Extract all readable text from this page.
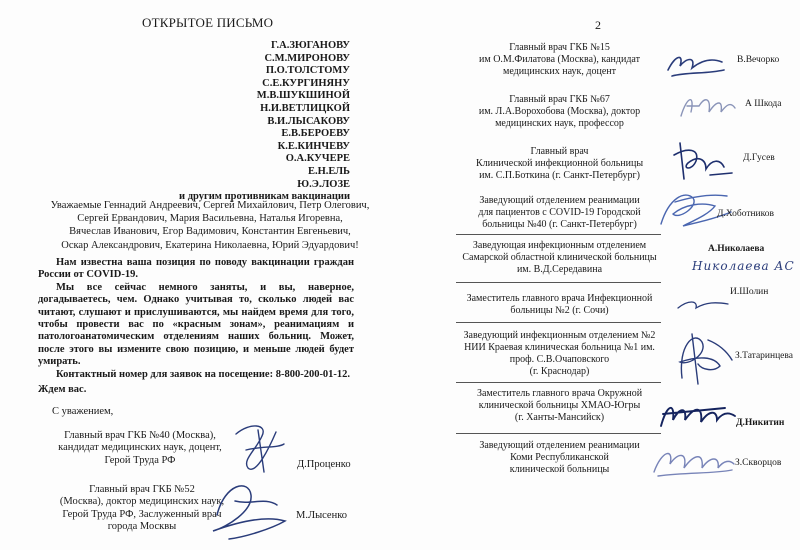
ОТКРЫТОЕ ПИСЬМО
Г.А.ЗЮГАНОВУ
С.М.МИРОНОВУ
П.О.ТОЛСТОМУ
С.Е.КУРГИНЯНУ
М.В.ШУКШИНОЙ
Н.И.ВЕТЛИЦКОЙ
В.И.ЛЫСАКОВУ
Е.В.БЕРОЕВУ
К.Е.КИНЧЕВУ
О.А.КУЧЕРЕ
Е.Н.ЕЛЬ
Ю.Э.ЛОЗЕ
и другим противникам вакцинации
Уважаемые Геннадий Андреевич, Сергей Михайлович, Петр Олегович,
Сергей Ервандович, Мария Васильевна, Наталья Игоревна,
Вячеслав Иванович, Егор Вадимович, Константин Евгеньевич,
Оскар Александрович, Екатерина Николаевна, Юрий Эдуардович!

Нам известна ваша позиция по поводу вакцинации граждан России от COVID-19.

Мы все сейчас немного заняты, и вы, наверное, догадываетесь, чем. Однако учитывая то, сколько людей вас читают, слушают и прислушиваются, мы найдем время для того, чтобы провести вас по «красным зонам», реанимациям и патологоанатомическим отделениям наших больниц. Может, после этого вы измените свою позицию, и меньше людей будет умирать.

Контактный номер для заявок на посещение: 8-800-200-01-12.

Ждем вас.
С уважением,
Главный врач ГКБ №40 (Москва),
кандидат медицинских наук, доцент,
Герой Труда РФ	Д.Проценко
Главный врач ГКБ №52
(Москва), доктор медицинских наук,
Герой Труда РФ, Заслуженный врач
города Москвы
М.Лысенко
2
Главный врач ГКБ №15
им О.М.Филатова (Москва), кандидат
медицинских наук, доцент
В.Вечорко
Главный врач ГКБ №67
им. Л.А.Ворохобова (Москва), доктор
медицинских наук, профессор
А Шкода
Главный врач
Клинической инфекционной больницы
им. С.П.Боткина (г. Санкт-Петербург)
Д.Гусев
Заведующий отделением реанимации
для пациентов с COVID-19 Городской
больницы №40 (г. Санкт-Петербург)
Д.Хоботников
Заведующая инфекционным отделением
Самарской областной клинической больницы
им. В.Д.Середавина
А.Николаева
Николаева АС
Заместитель главного врача Инфекционной
больницы №2 (г. Сочи)
И.Шолин
Заведующий инфекционным отделением №2
НИИ Краевая клиническая больница №1 им.
проф. С.В.Очаповского
(г. Краснодар)
З.Татаринцева
Заместитель главного врача Окружной
клинической больницы ХМАО-Югры
(г. Ханты-Мансийск)	Д.Никитин
Заведующий отделением реанимации
Коми Республиканской
клинической больницы
З.Скворцов
